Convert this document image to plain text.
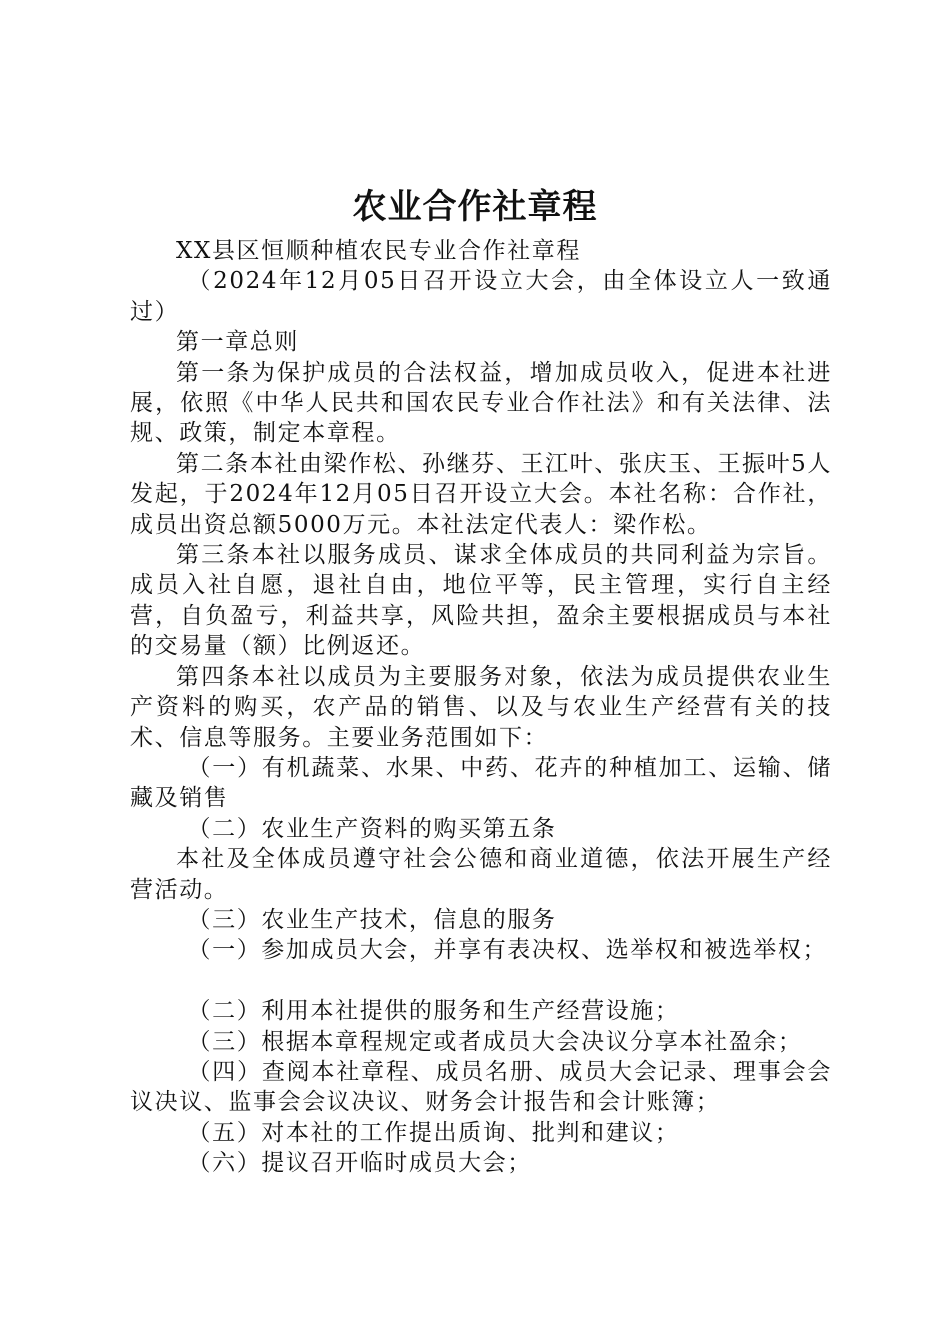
农业合作社章程

XX县区恒顺种植农民专业合作社章程

（2024年12月05日召开设立大会，由全体设立人一致通过）

第一章总则

第一条为保护成员的合法权益，增加成员收入，促进本社进展，依照《中华人民共和国农民专业合作社法》和有关法律、法规、政策，制定本章程。

第二条本社由梁作松、孙继芬、王江叶、张庆玉、王振叶5人发起，于2024年12月05日召开设立大会。本社名称：合作社，成员出资总额5000万元。本社法定代表人：梁作松。

第三条本社以服务成员、谋求全体成员的共同利益为宗旨。成员入社自愿，退社自由，地位平等，民主管理，实行自主经营，自负盈亏，利益共享，风险共担，盈余主要根据成员与本社的交易量（额）比例返还。

第四条本社以成员为主要服务对象，依法为成员提供农业生产资料的购买，农产品的销售、以及与农业生产经营有关的技术、信息等服务。主要业务范围如下：

（一）有机蔬菜、水果、中药、花卉的种植加工、运输、储藏及销售

（二）农业生产资料的购买第五条

本社及全体成员遵守社会公德和商业道德，依法开展生产经营活动。

（三）农业生产技术，信息的服务

（一）参加成员大会，并享有表决权、选举权和被选举权；

（二）利用本社提供的服务和生产经营设施；

（三）根据本章程规定或者成员大会决议分享本社盈余；

（四）查阅本社章程、成员名册、成员大会记录、理事会会议决议、监事会会议决议、财务会计报告和会计账簿；

（五）对本社的工作提出质询、批判和建议；

（六）提议召开临时成员大会；
